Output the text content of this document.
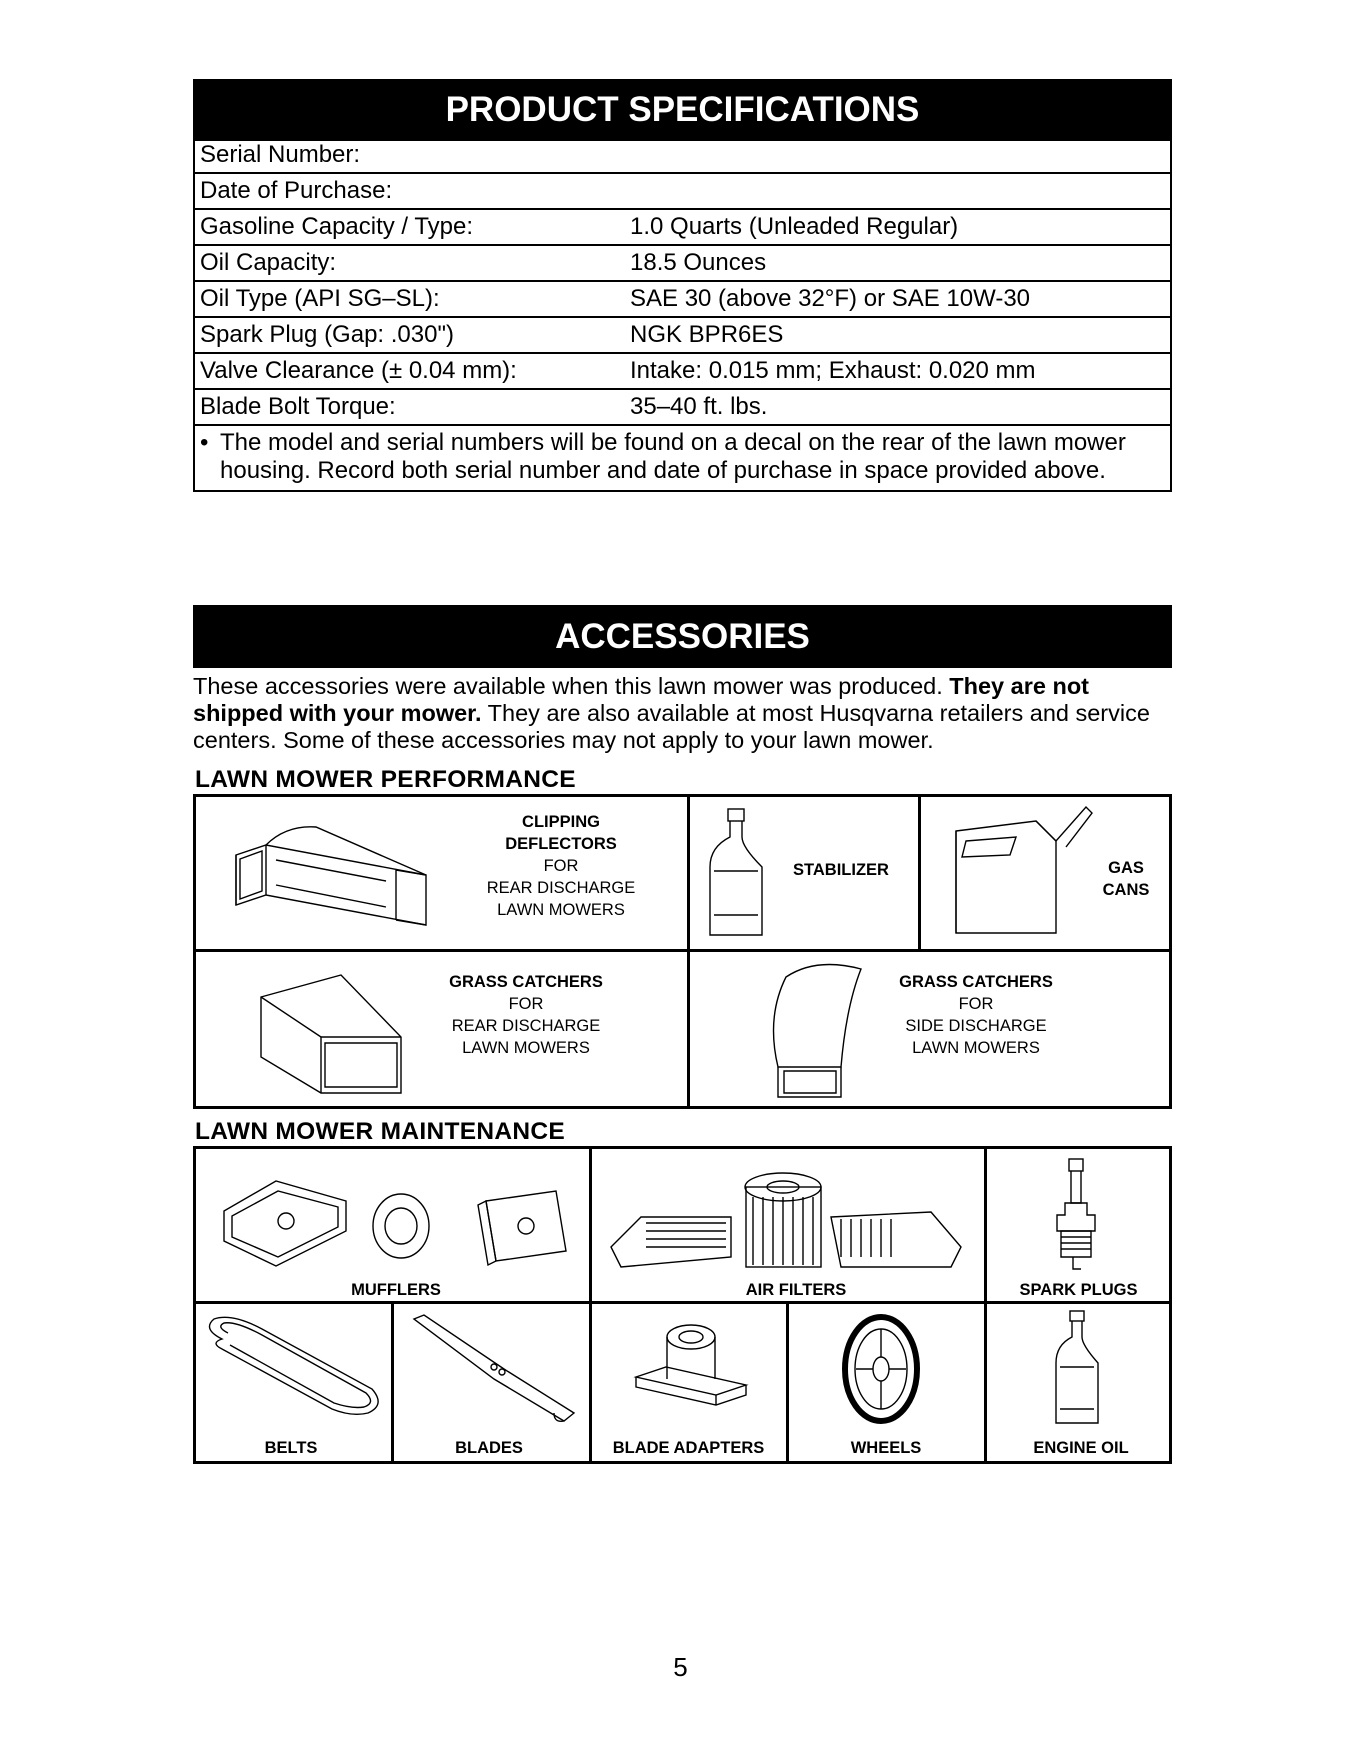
PRODUCT SPECIFICATIONS
Serial Number:	
Date of Purchase:	
Gasoline Capacity / Type:	1.0 Quarts (Unleaded Regular)
Oil Capacity:	18.5 Ounces
Oil Type (API SG–SL):	SAE 30 (above 32°F) or SAE 10W-30
Spark Plug (Gap: .030")	NGK BPR6ES
Valve Clearance (± 0.04 mm):	Intake: 0.015 mm; Exhaust: 0.020 mm
Blade Bolt Torque:	35–40 ft. lbs.

• The model and serial numbers will be found on a decal on the rear of the lawn mower housing. Record both serial number and date of purchase in space provided above.	
ACCESSORIES
These accessories were available when this lawn mower was produced. They are not shipped with your mower. They are also available at most Husqvarna retailers and service centers. Some of these accessories may not apply to your lawn mower.
LAWN MOWER PERFORMANCE
CLIPPING
DEFLECTORS
FOR
REAR DISCHARGE
LAWN MOWERS
STABILIZER	GAS
CANS
GRASS CATCHERS
FOR
REAR DISCHARGE
LAWN MOWERS
GRASS CATCHERS
FOR
SIDE DISCHARGE
LAWN MOWERS
LAWN MOWER MAINTENANCE
MUFFLERS	AIR FILTERS	SPARK PLUGS
BELTS	BLADES	BLADE ADAPTERS	WHEELS	ENGINE OIL
5
